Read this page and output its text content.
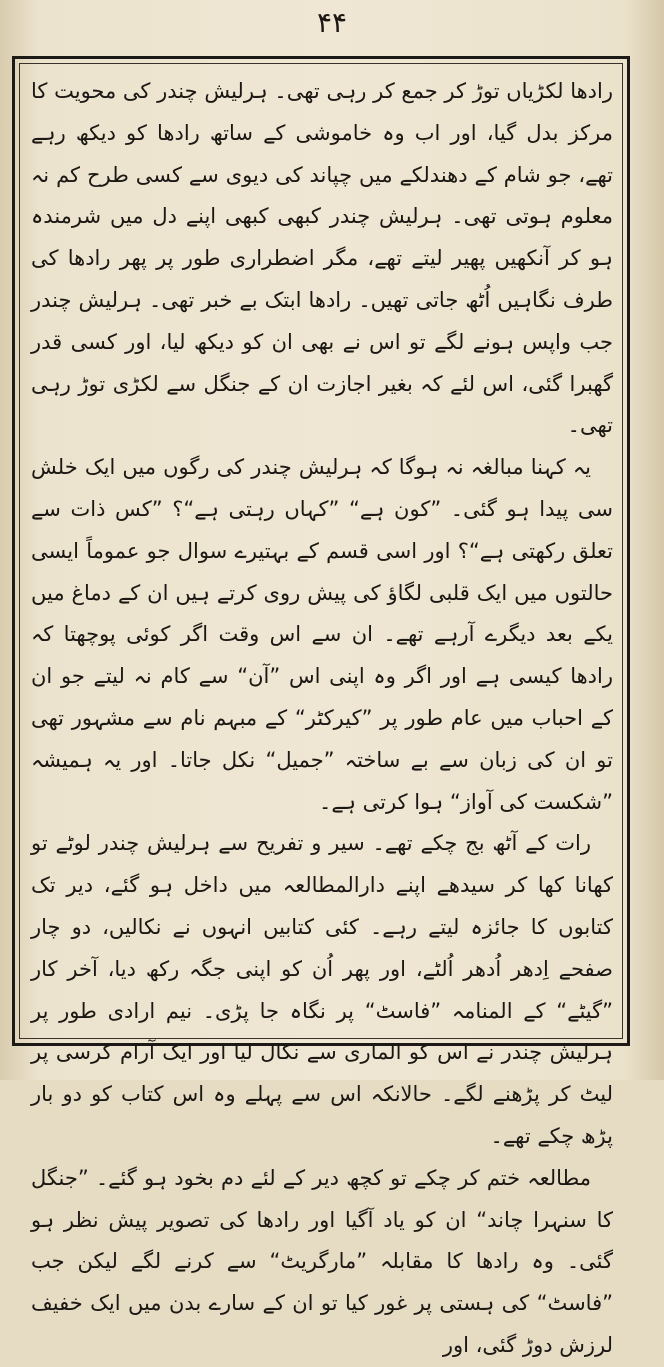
۴۴

رادھا لکڑیاں توڑ کر جمع کر رہی تھی۔ ہرلیش چندر کی محویت کا مرکز بدل گیا، اور اب وہ خاموشی کے ساتھ رادھا کو دیکھ رہے تھے، جو شام کے دھندلکے میں چپاند کی دیوی سے کسی طرح کم نہ معلوم ہوتی تھی۔ ہرلیش چندر کبھی کبھی اپنے دل میں شرمندہ ہو کر آنکھیں پھیر لیتے تھے، مگر اضطراری طور پر پھر رادھا کی طرف نگاہیں اُٹھ جاتی تھیں۔ رادھا ابتک بے خبر تھی۔ ہرلیش چندر جب واپس ہونے لگے تو اس نے بھی ان کو دیکھ لیا، اور کسی قدر گھبرا گئی، اس لئے کہ بغیر اجازت ان کے جنگل سے لکڑی توڑ رہی تھی۔

یہ کہنا مبالغہ نہ ہوگا کہ ہرلیش چندر کی رگوں میں ایک خلش سی پیدا ہو گئی۔ ”کون ہے“ ”کہاں رہتی ہے“؟ ”کس ذات سے تعلق رکھتی ہے“؟ اور اسی قسم کے بہتیرے سوال جو عموماً ایسی حالتوں میں ایک قلبی لگاؤ کی پیش روی کرتے ہیں ان کے دماغ میں یکے بعد دیگرے آرہے تھے۔ ان سے اس وقت اگر کوئی پوچھتا کہ رادھا کیسی ہے اور اگر وہ اپنی اس ”آن“ سے کام نہ لیتے جو ان کے احباب میں عام طور پر ”کیرکٹر“ کے مبہم نام سے مشہور تھی تو ان کی زبان سے بے ساختہ ”جمیل“ نکل جاتا۔ اور یہ ہمیشہ ”شکست کی آواز“ ہوا کرتی ہے۔

رات کے آٹھ بج چکے تھے۔ سیر و تفریح سے ہرلیش چندر لوٹے تو کھانا کھا کر سیدھے اپنے دارالمطالعہ میں داخل ہو گئے، دیر تک کتابوں کا جائزہ لیتے رہے۔ کئی کتابیں انہوں نے نکالیں، دو چار صفحے اِدھر اُدھر اُلٹے، اور پھر اُن کو اپنی جگہ رکھ دیا، آخر کار ”گیٹے“ کے المنامہ ”فاسٹ“ پر نگاہ جا پڑی۔ نیم ارادی طور پر ہرلیش چندر نے اس کو الماری سے نکال لیا اور ایک آرام کرسی پر لیٹ کر پڑھنے لگے۔ حالانکہ اس سے پہلے وہ اس کتاب کو دو بار پڑھ چکے تھے۔

مطالعہ ختم کر چکے تو کچھ دیر کے لئے دم بخود ہو گئے۔ ”جنگل کا سنہرا چاند“ ان کو یاد آگیا اور رادھا کی تصویر پیش نظر ہو گئی۔ وہ رادھا کا مقابلہ ”مارگریٹ“ سے کرنے لگے لیکن جب ”فاسٹ“ کی ہستی پر غور کیا تو ان کے سارے بدن میں ایک خفیف لرزش دوڑ گئی، اور
